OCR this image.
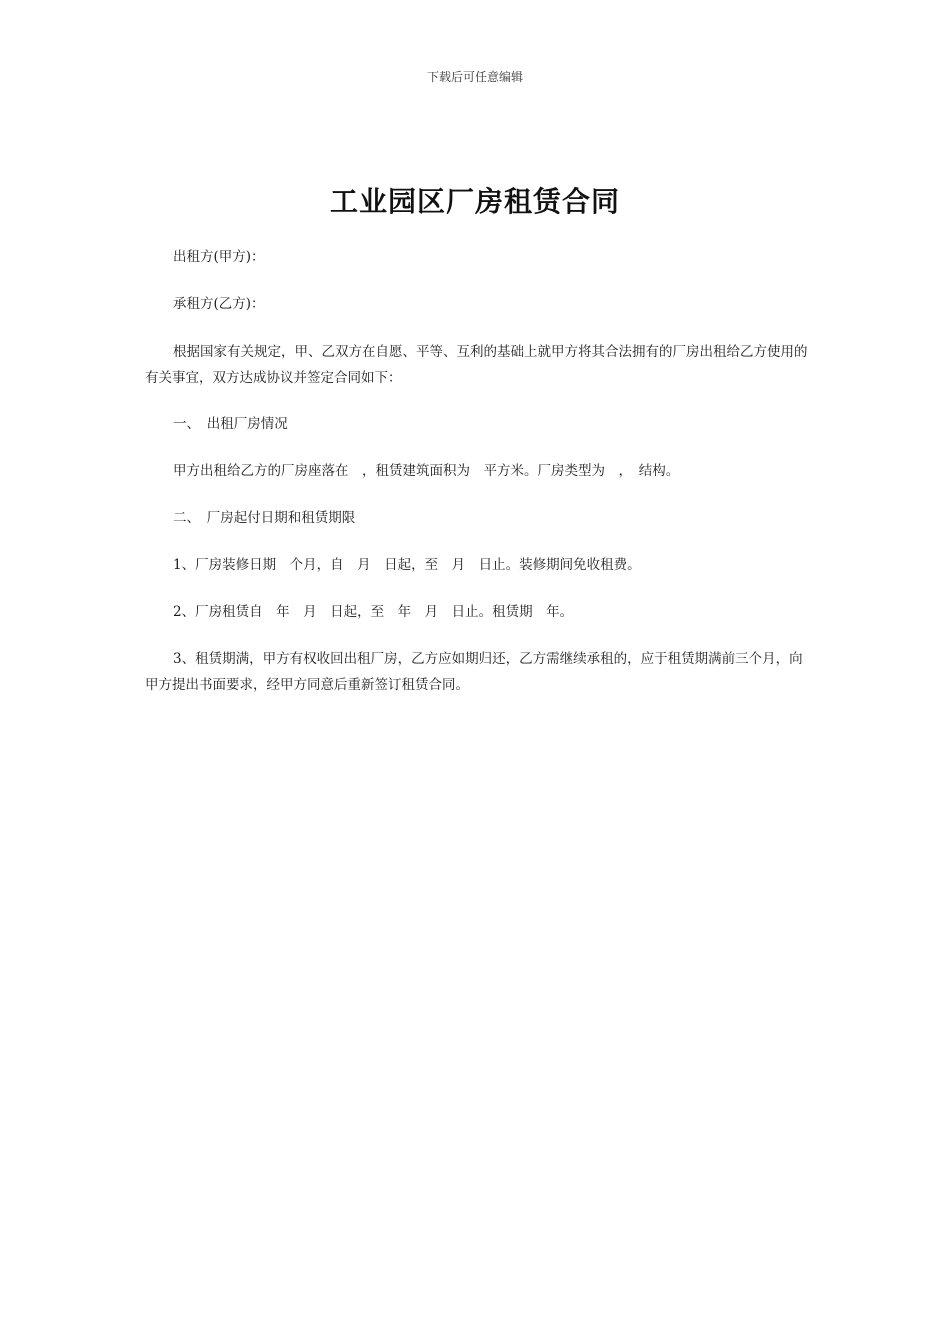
下载后可任意编辑
工业园区厂房租赁合同

出租方(甲方)：

承租方(乙方)：

根据国家有关规定，甲、乙双方在自愿、平等、互利的基础上就甲方将其合法拥有的厂房出租给乙方使用的有关事宜，双方达成协议并签定合同如下：

一、　出租厂房情况

甲方出租给乙方的厂房座落在　，租赁建筑面积为　平方米。厂房类型为　，　结构。

二、　厂房起付日期和租赁期限

1、厂房装修日期　个月，自　月　日起，至　月　日止。装修期间免收租费。

2、厂房租赁自　年　月　日起，至　年　月　日止。租赁期　年。

3、租赁期满，甲方有权收回出租厂房，乙方应如期归还，乙方需继续承租的，应于租赁期满前三个月，向甲方提出书面要求，经甲方同意后重新签订租赁合同。
